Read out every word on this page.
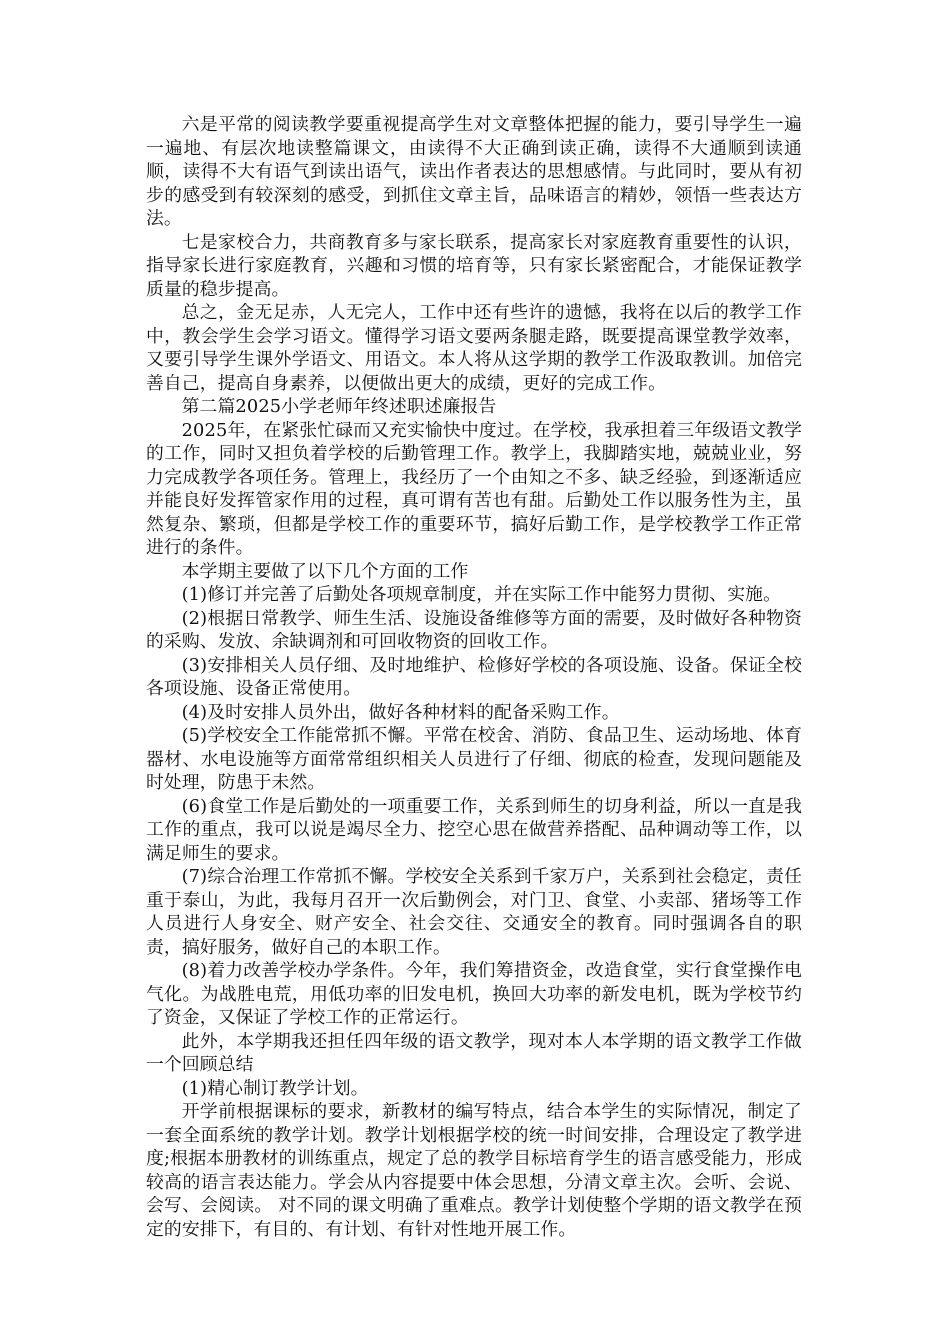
六是平常的阅读教学要重视提高学生对文章整体把握的能力，要引导学生一遍一遍地、有层次地读整篇课文，由读得不大正确到读正确，读得不大通顺到读通顺，读得不大有语气到读出语气，读出作者表达的思想感情。与此同时，要从有初步的感受到有较深刻的感受，到抓住文章主旨，品味语言的精妙，领悟一些表达方法。

七是家校合力，共商教育多与家长联系，提高家长对家庭教育重要性的认识，指导家长进行家庭教育，兴趣和习惯的培育等，只有家长紧密配合，才能保证教学质量的稳步提高。

总之，金无足赤，人无完人，工作中还有些许的遗憾，我将在以后的教学工作中，教会学生会学习语文。懂得学习语文要两条腿走路，既要提高课堂教学效率，又要引导学生课外学语文、用语文。本人将从这学期的教学工作汲取教训。加倍完善自己，提高自身素养，以便做出更大的成绩，更好的完成工作。

第二篇2025小学老师年终述职述廉报告

2025年，在紧张忙碌而又充实愉快中度过。在学校，我承担着三年级语文教学的工作，同时又担负着学校的后勤管理工作。教学上，我脚踏实地，兢兢业业，努力完成教学各项任务。管理上，我经历了一个由知之不多、缺乏经验，到逐渐适应并能良好发挥管家作用的过程，真可谓有苦也有甜。后勤处工作以服务性为主，虽然复杂、繁琐，但都是学校工作的重要环节，搞好后勤工作，是学校教学工作正常进行的条件。

本学期主要做了以下几个方面的工作

(1)修订并完善了后勤处各项规章制度，并在实际工作中能努力贯彻、实施。

(2)根据日常教学、师生生活、设施设备维修等方面的需要，及时做好各种物资的采购、发放、余缺调剂和可回收物资的回收工作。

(3)安排相关人员仔细、及时地维护、检修好学校的各项设施、设备。保证全校各项设施、设备正常使用。

(4)及时安排人员外出，做好各种材料的配备采购工作。

(5)学校安全工作能常抓不懈。平常在校舍、消防、食品卫生、运动场地、体育器材、水电设施等方面常常组织相关人员进行了仔细、彻底的检查，发现问题能及时处理，防患于未然。

(6)食堂工作是后勤处的一项重要工作，关系到师生的切身利益，所以一直是我工作的重点，我可以说是竭尽全力、挖空心思在做营养搭配、品种调动等工作，以满足师生的要求。

(7)综合治理工作常抓不懈。学校安全关系到千家万户，关系到社会稳定，责任重于泰山，为此，我每月召开一次后勤例会，对门卫、食堂、小卖部、猪场等工作人员进行人身安全、财产安全、社会交往、交通安全的教育。同时强调各自的职责，搞好服务，做好自己的本职工作。

(8)着力改善学校办学条件。今年，我们筹措资金，改造食堂，实行食堂操作电气化。为战胜电荒，用低功率的旧发电机，换回大功率的新发电机，既为学校节约了资金，又保证了学校工作的正常运行。

此外，本学期我还担任四年级的语文教学，现对本人本学期的语文教学工作做一个回顾总结

(1)精心制订教学计划。

开学前根据课标的要求，新教材的编写特点，结合本学生的实际情况，制定了一套全面系统的教学计划。教学计划根据学校的统一时间安排，合理设定了教学进度;根据本册教材的训练重点，规定了总的教学目标培育学生的语言感受能力，形成较高的语言表达能力。学会从内容提要中体会思想，分清文章主次。会听、会说、会写、会阅读。 对不同的课文明确了重难点。教学计划使整个学期的语文教学在预定的安排下，有目的、有计划、有针对性地开展工作。
